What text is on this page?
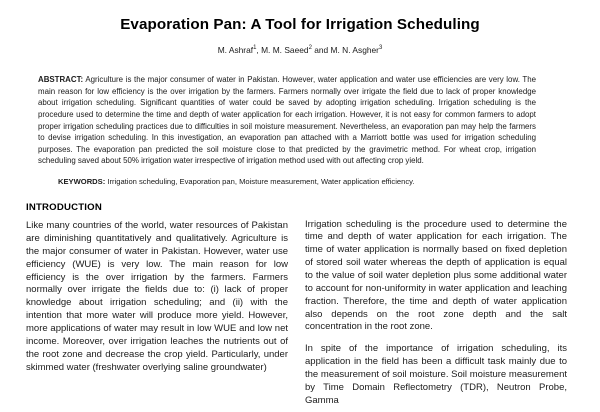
Evaporation Pan: A Tool for Irrigation Scheduling

M. Ashraf$^1$, M. M. Saeed$^2$ and M. N. Asgher$^3$

ABSTRACT: Agriculture is the major consumer of water in Pakistan. However, water application and water use efficiencies are very low. The main reason for low efficiency is the over irrigation by the farmers. Farmers normally over irrigate the field due to lack of proper knowledge about irrigation scheduling. Significant quantities of water could be saved by adopting irrigation scheduling. Irrigation scheduling is the procedure used to determine the time and depth of water application for each irrigation. However, it is not easy for common farmers to adopt proper irrigation scheduling practices due to difficulties in soil moisture measurement. Nevertheless, an evaporation pan may help the farmers to devise irrigation scheduling. In this investigation, an evaporation pan attached with a Marriott bottle was used for irrigation scheduling purposes. The evaporation pan predicted the soil moisture close to that predicted by the gravimetric method. For wheat crop, irrigation scheduling saved about 50% irrigation water irrespective of irrigation method used with out affecting crop yield.

KEYWORDS: Irrigation scheduling, Evaporation pan, Moisture measurement, Water application efficiency.

INTRODUCTION

Like many countries of the world, water resources of Pakistan are diminishing quantitatively and qualitatively. Agriculture is the major consumer of water in Pakistan. However, water use efficiency (WUE) is very low. The main reason for low efficiency is the over irrigation by the farmers. Farmers normally over irrigate the fields due to: (i) lack of proper knowledge about irrigation scheduling; and (ii) with the intention that more water will produce more yield. However, more applications of water may result in low WUE and low net income. Moreover, over irrigation leaches the nutrients out of the root zone and decrease the crop yield. Particularly, under skimmed water (freshwater overlying saline groundwater)

Irrigation scheduling is the procedure used to determine the time and depth of water application for each irrigation. The time of water application is normally based on fixed depletion of stored soil water whereas the depth of application is equal to the value of soil water depletion plus some additional water to account for non-uniformity in water application and leaching fraction. Therefore, the time and depth of water application also depends on the root zone depth and the salt concentration in the root zone.

In spite of the importance of irrigation scheduling, its application in the field has been a difficult task mainly due to the measurement of soil moisture. Soil moisture measurement by Time Domain Reflectometry (TDR), Neutron Probe, Gamma
